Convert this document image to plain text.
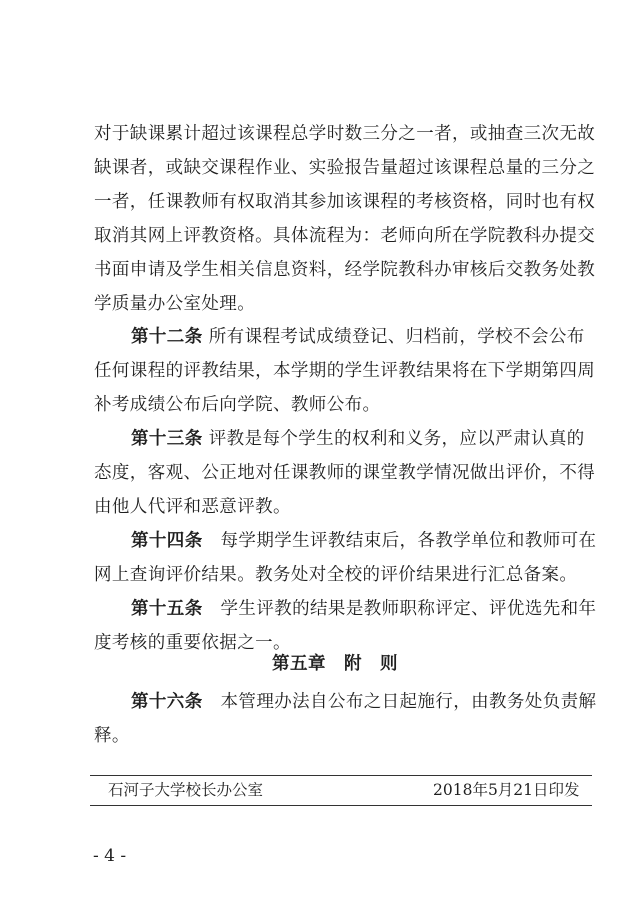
对于缺课累计超过该课程总学时数三分之一者，或抽查三次无故
缺课者，或缺交课程作业、实验报告量超过该课程总量的三分之
一者，任课教师有权取消其参加该课程的考核资格，同时也有权
取消其网上评教资格。具体流程为：老师向所在学院教科办提交
书面申请及学生相关信息资料，经学院教科办审核后交教务处教
学质量办公室处理。
第十二条  所有课程考试成绩登记、归档前，学校不会公布
任何课程的评教结果，本学期的学生评教结果将在下学期第四周
补考成绩公布后向学院、教师公布。
第十三条  评教是每个学生的权利和义务，应以严肃认真的
态度，客观、公正地对任课教师的课堂教学情况做出评价，不得
由他人代评和恶意评教。
第十四条  每学期学生评教结束后，各教学单位和教师可在
网上查询评价结果。教务处对全校的评价结果进行汇总备案。
第十五条  学生评教的结果是教师职称评定、评优选先和年
度考核的重要依据之一。
第五章　附　则
第十六条  本管理办法自公布之日起施行，由教务处负责解
释。
石河子大学校长办公室	2018年5月21日印发
- 4 -
